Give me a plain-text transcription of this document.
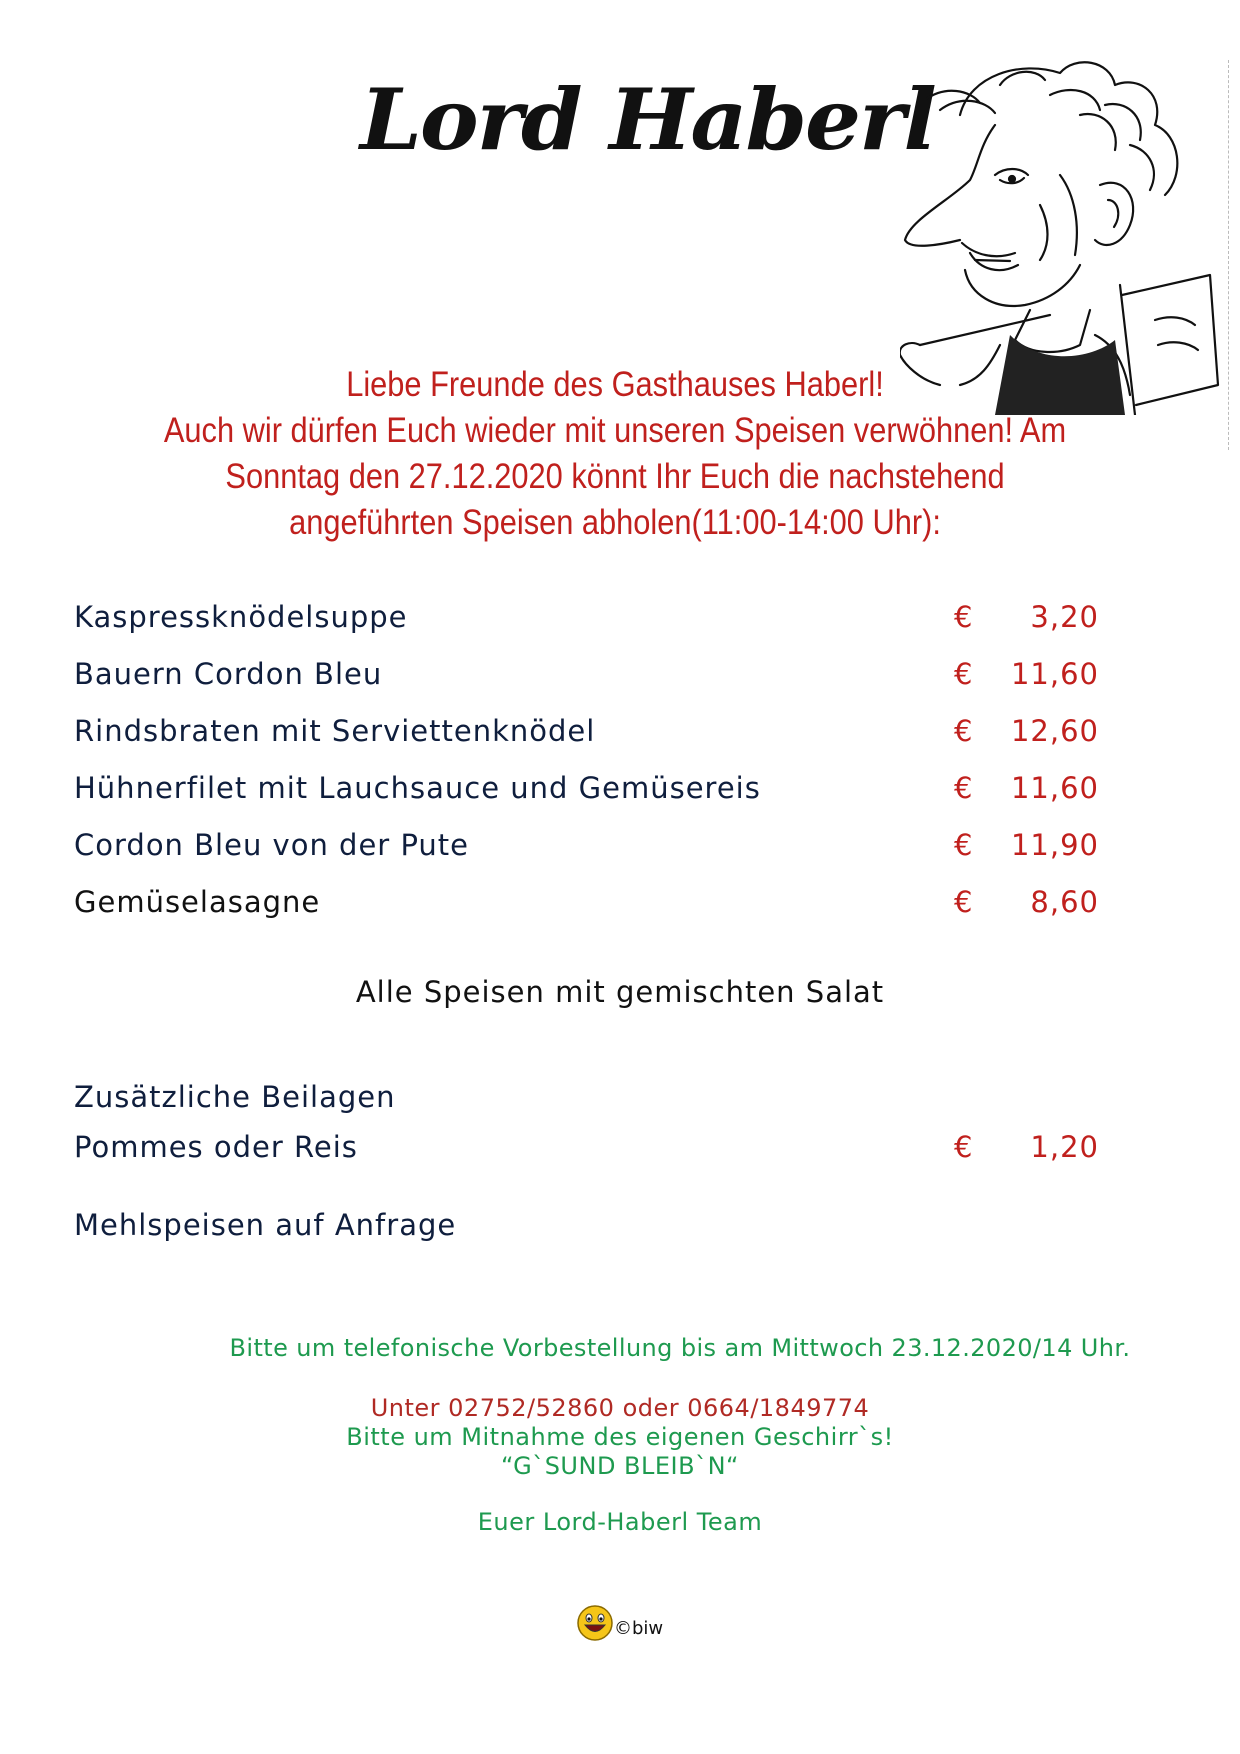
Lord Haberl
Liebe Freunde des Gasthauses Haberl!
Auch wir dürfen Euch wieder mit unseren Speisen verwöhnen! Am
Sonntag den 27.12.2020 könnt Ihr Euch die nachstehend
angeführten Speisen abholen(11:00-14:00 Uhr):
Kaspressknödelsuppe	€ 3,20
Bauern Cordon Bleu	€ 11,60
Rindsbraten mit Serviettenknödel	€ 12,60
Hühnerfilet mit Lauchsauce und Gemüsereis	€ 11,60
Cordon Bleu von der Pute	€ 11,90
Gemüselasagne	€ 8,60
Alle Speisen mit gemischten Salat
Zusätzliche Beilagen
Pommes oder Reis	€ 1,20
Mehlspeisen auf Anfrage
Bitte um telefonische Vorbestellung bis am Mittwoch 23.12.2020/14 Uhr.
Unter 02752/52860 oder 0664/1849774
Bitte um Mitnahme des eigenen Geschirr`s!
“G`SUND BLEIB`N“
Euer Lord-Haberl Team
©biw
